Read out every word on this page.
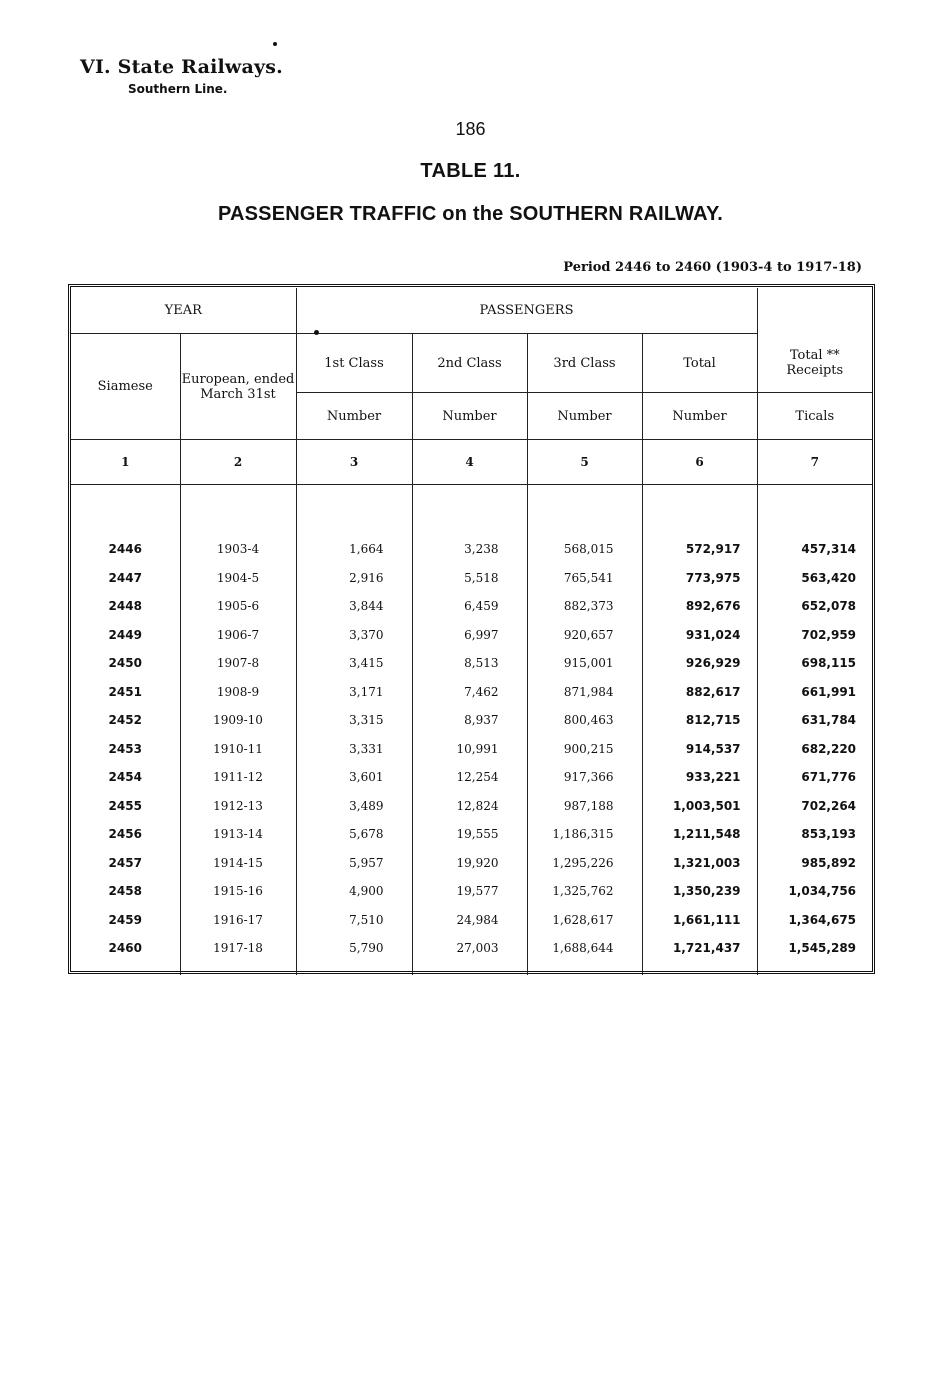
VI. State Railways.
Southern Line.
186
TABLE 11.
PASSENGER TRAFFIC on the SOUTHERN RAILWAY.
Period 2446 to 2460 (1903-4 to 1917-18)
YEAR		PASSENGERS				
Siamese	European, ended March 31st	1st Class	2nd Class	3rd Class	Total	Total ** Receipts
		Number	Number	Number	Number	Ticals
1	2	3	4	5	6	7

2446	1903-4	1,664	3,238	568,015	572,917	457,314
2447	1904-5	2,916	5,518	765,541	773,975	563,420
2448	1905-6	3,844	6,459	882,373	892,676	652,078
2449	1906-7	3,370	6,997	920,657	931,024	702,959
2450	1907-8	3,415	8,513	915,001	926,929	698,115
2451	1908-9	3,171	7,462	871,984	882,617	661,991
2452	1909-10	3,315	8,937	800,463	812,715	631,784
2453	1910-11	3,331	10,991	900,215	914,537	682,220
2454	1911-12	3,601	12,254	917,366	933,221	671,776
2455	1912-13	3,489	12,824	987,188	1,003,501	702,264
2456	1913-14	5,678	19,555	1,186,315	1,211,548	853,193
2457	1914-15	5,957	19,920	1,295,226	1,321,003	985,892
2458	1915-16	4,900	19,577	1,325,762	1,350,239	1,034,756
2459	1916-17	7,510	24,984	1,628,617	1,661,111	1,364,675
2460	1917-18	5,790	27,003	1,688,644	1,721,437	1,545,289
